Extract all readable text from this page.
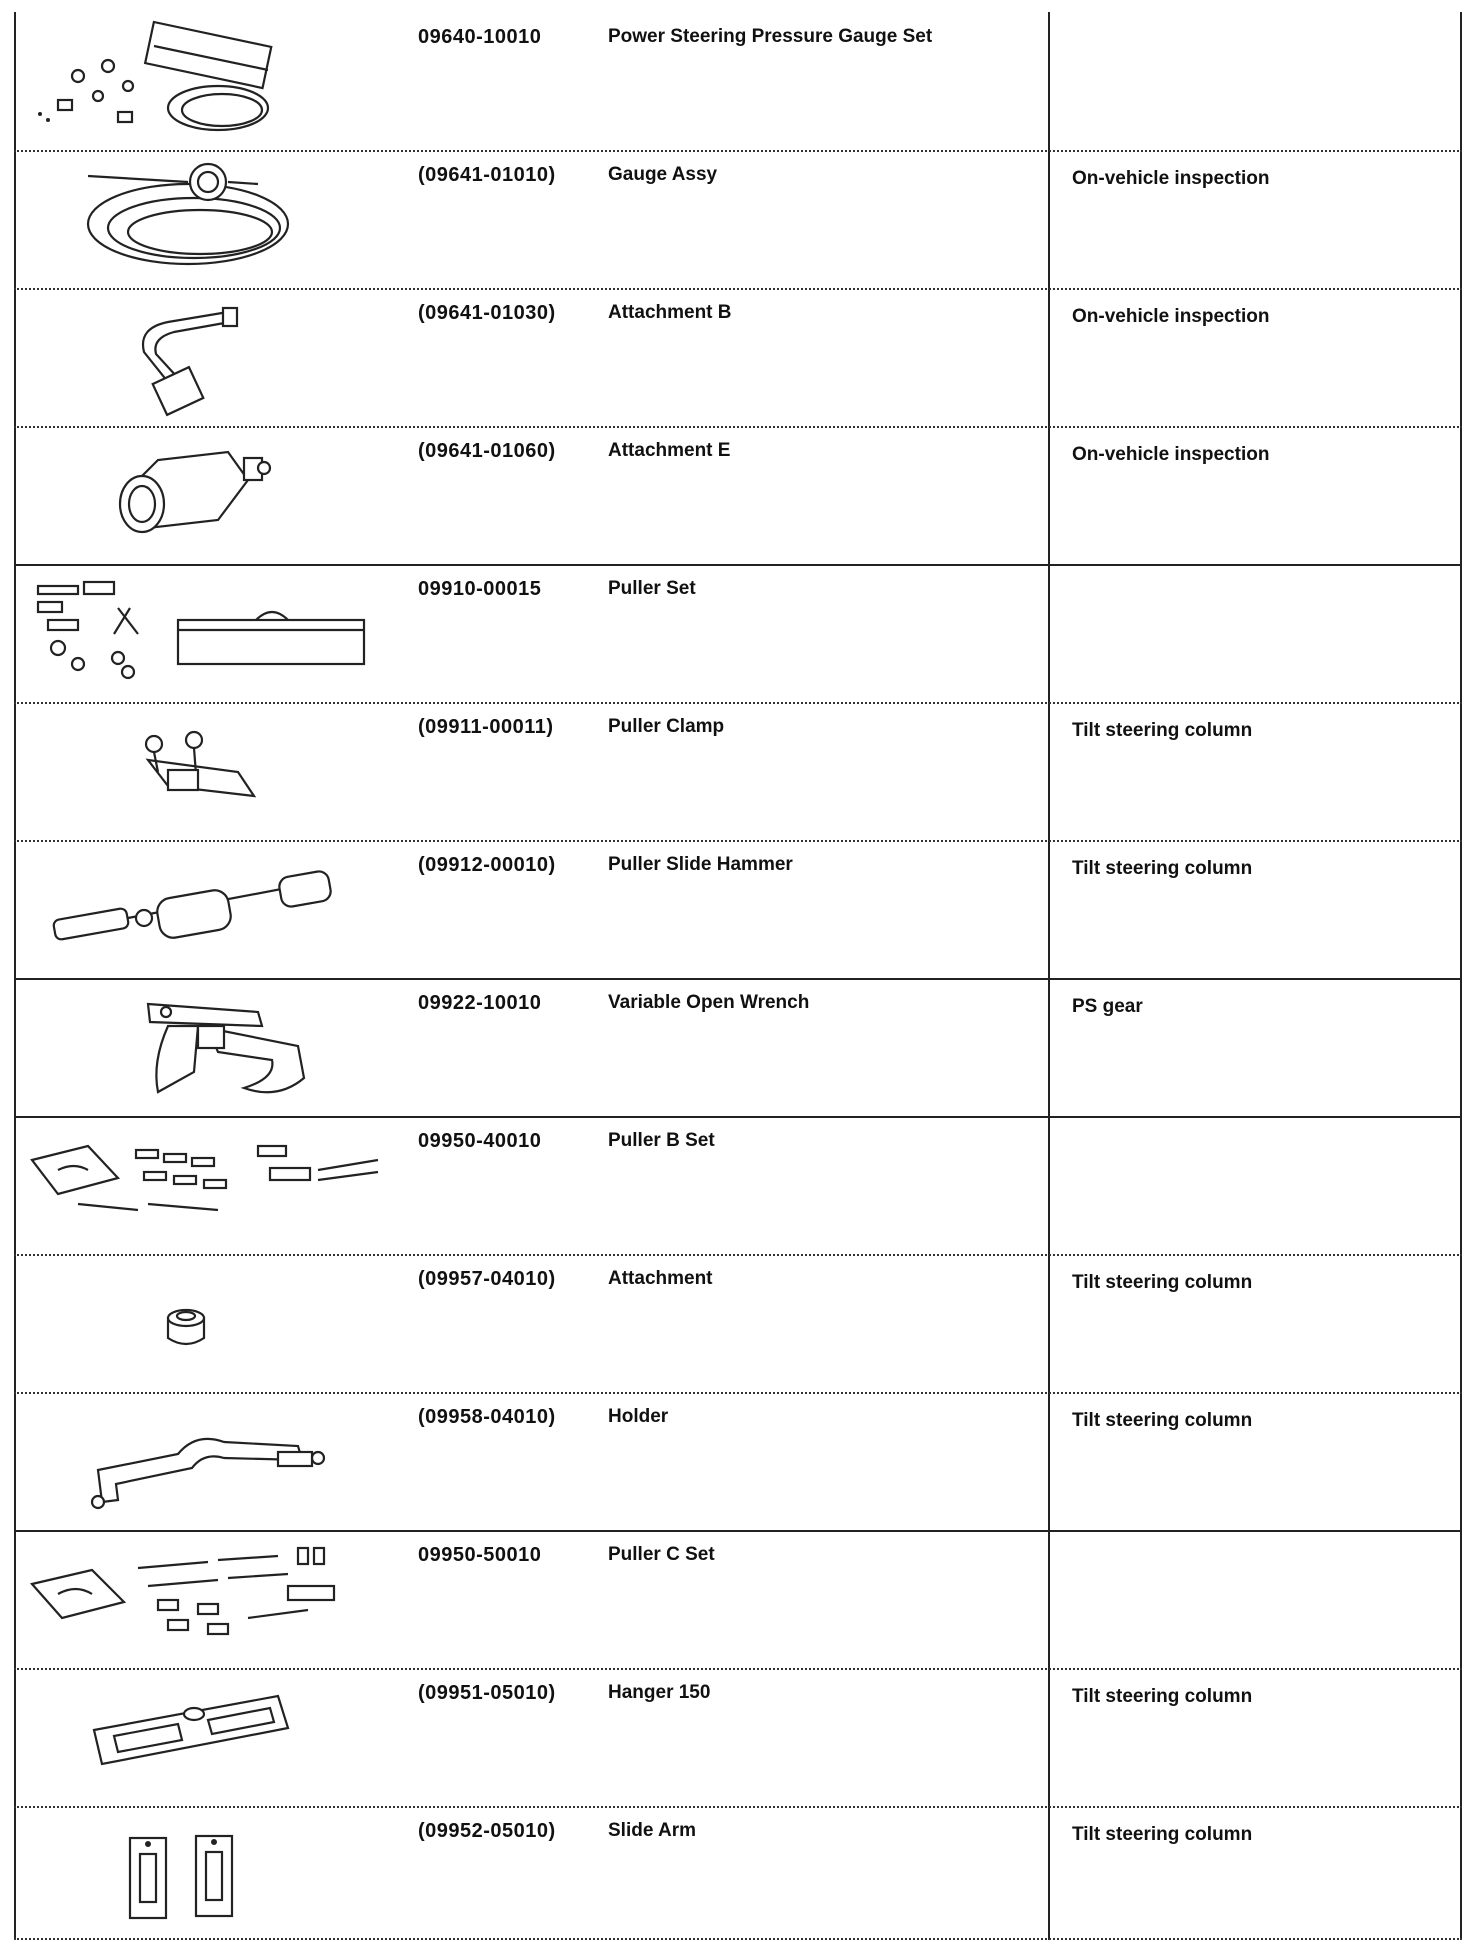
09640-10010	Power Steering Pressure Gauge Set
(09641-01010)	Gauge Assy	On-vehicle inspection
(09641-01030)	Attachment B	On-vehicle inspection
(09641-01060)	Attachment E	On-vehicle inspection
09910-00015	Puller Set
(09911-00011)	Puller Clamp	Tilt steering column
(09912-00010)	Puller Slide Hammer	Tilt steering column
09922-10010	Variable Open Wrench	PS gear
09950-40010	Puller B Set
(09957-04010)	Attachment	Tilt steering column
(09958-04010)	Holder	Tilt steering column
09950-50010	Puller C Set
(09951-05010)	Hanger 150	Tilt steering column
(09952-05010)	Slide Arm	Tilt steering column
